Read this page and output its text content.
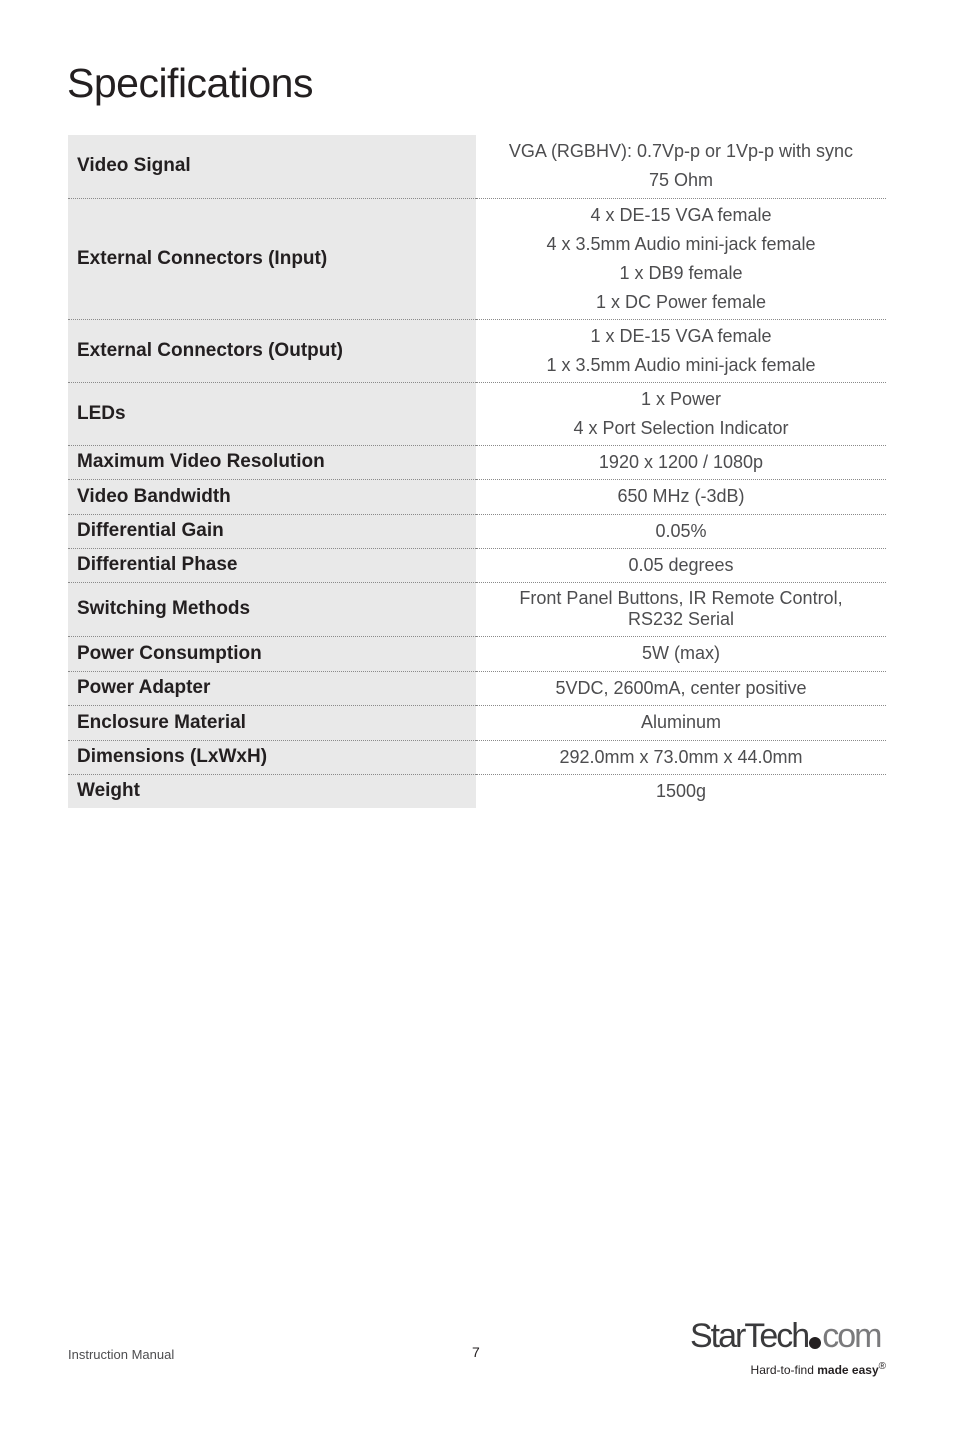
Specifications
Video Signal	VGA (RGBHV): 0.7Vp-p or 1Vp-p with sync
75 Ohm

External Connectors (Input)	4 x DE-15 VGA female
4 x 3.5mm Audio mini-jack female
1 x DB9 female
1 x DC Power female

External Connectors (Output)	1 x DE-15 VGA female
1 x 3.5mm Audio mini-jack female

LEDs	1 x Power
4 x Port Selection Indicator

Maximum Video Resolution	1920 x 1200 / 1080p

Video Bandwidth	650 MHz (-3dB)

Differential Gain	0.05%

Differential Phase	0.05 degrees

Switching Methods	Front Panel Buttons, IR Remote Control,
RS232 Serial

Power Consumption	5W (max)

Power Adapter	5VDC, 2600mA, center positive

Enclosure Material	Aluminum

Dimensions (LxWxH)	292.0mm x 73.0mm x 44.0mm

Weight	1500g
Instruction Manual	7	StarTech com
Hard-to-find made easy®
